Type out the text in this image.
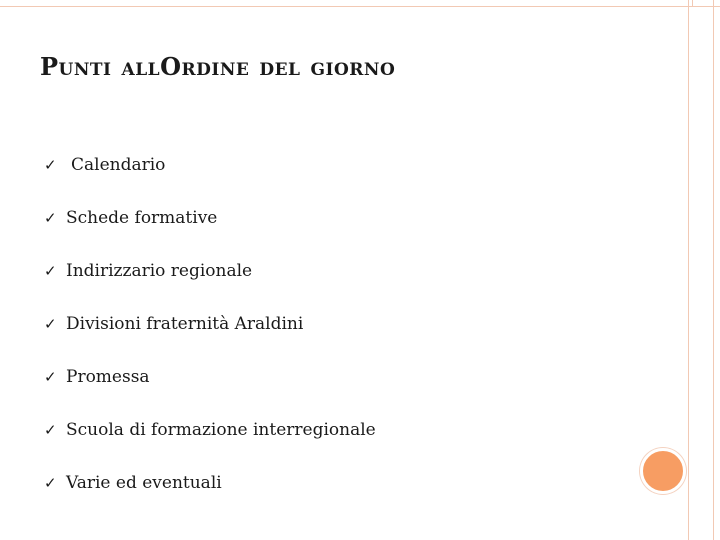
PUNTI ALLORDINE DEL GIORNO
✓ Calendario
✓ Schede formative
✓ Indirizzario regionale
✓ Divisioni fraternità Araldini
✓ Promessa
✓ Scuola di formazione interregionale
✓ Varie ed eventuali
